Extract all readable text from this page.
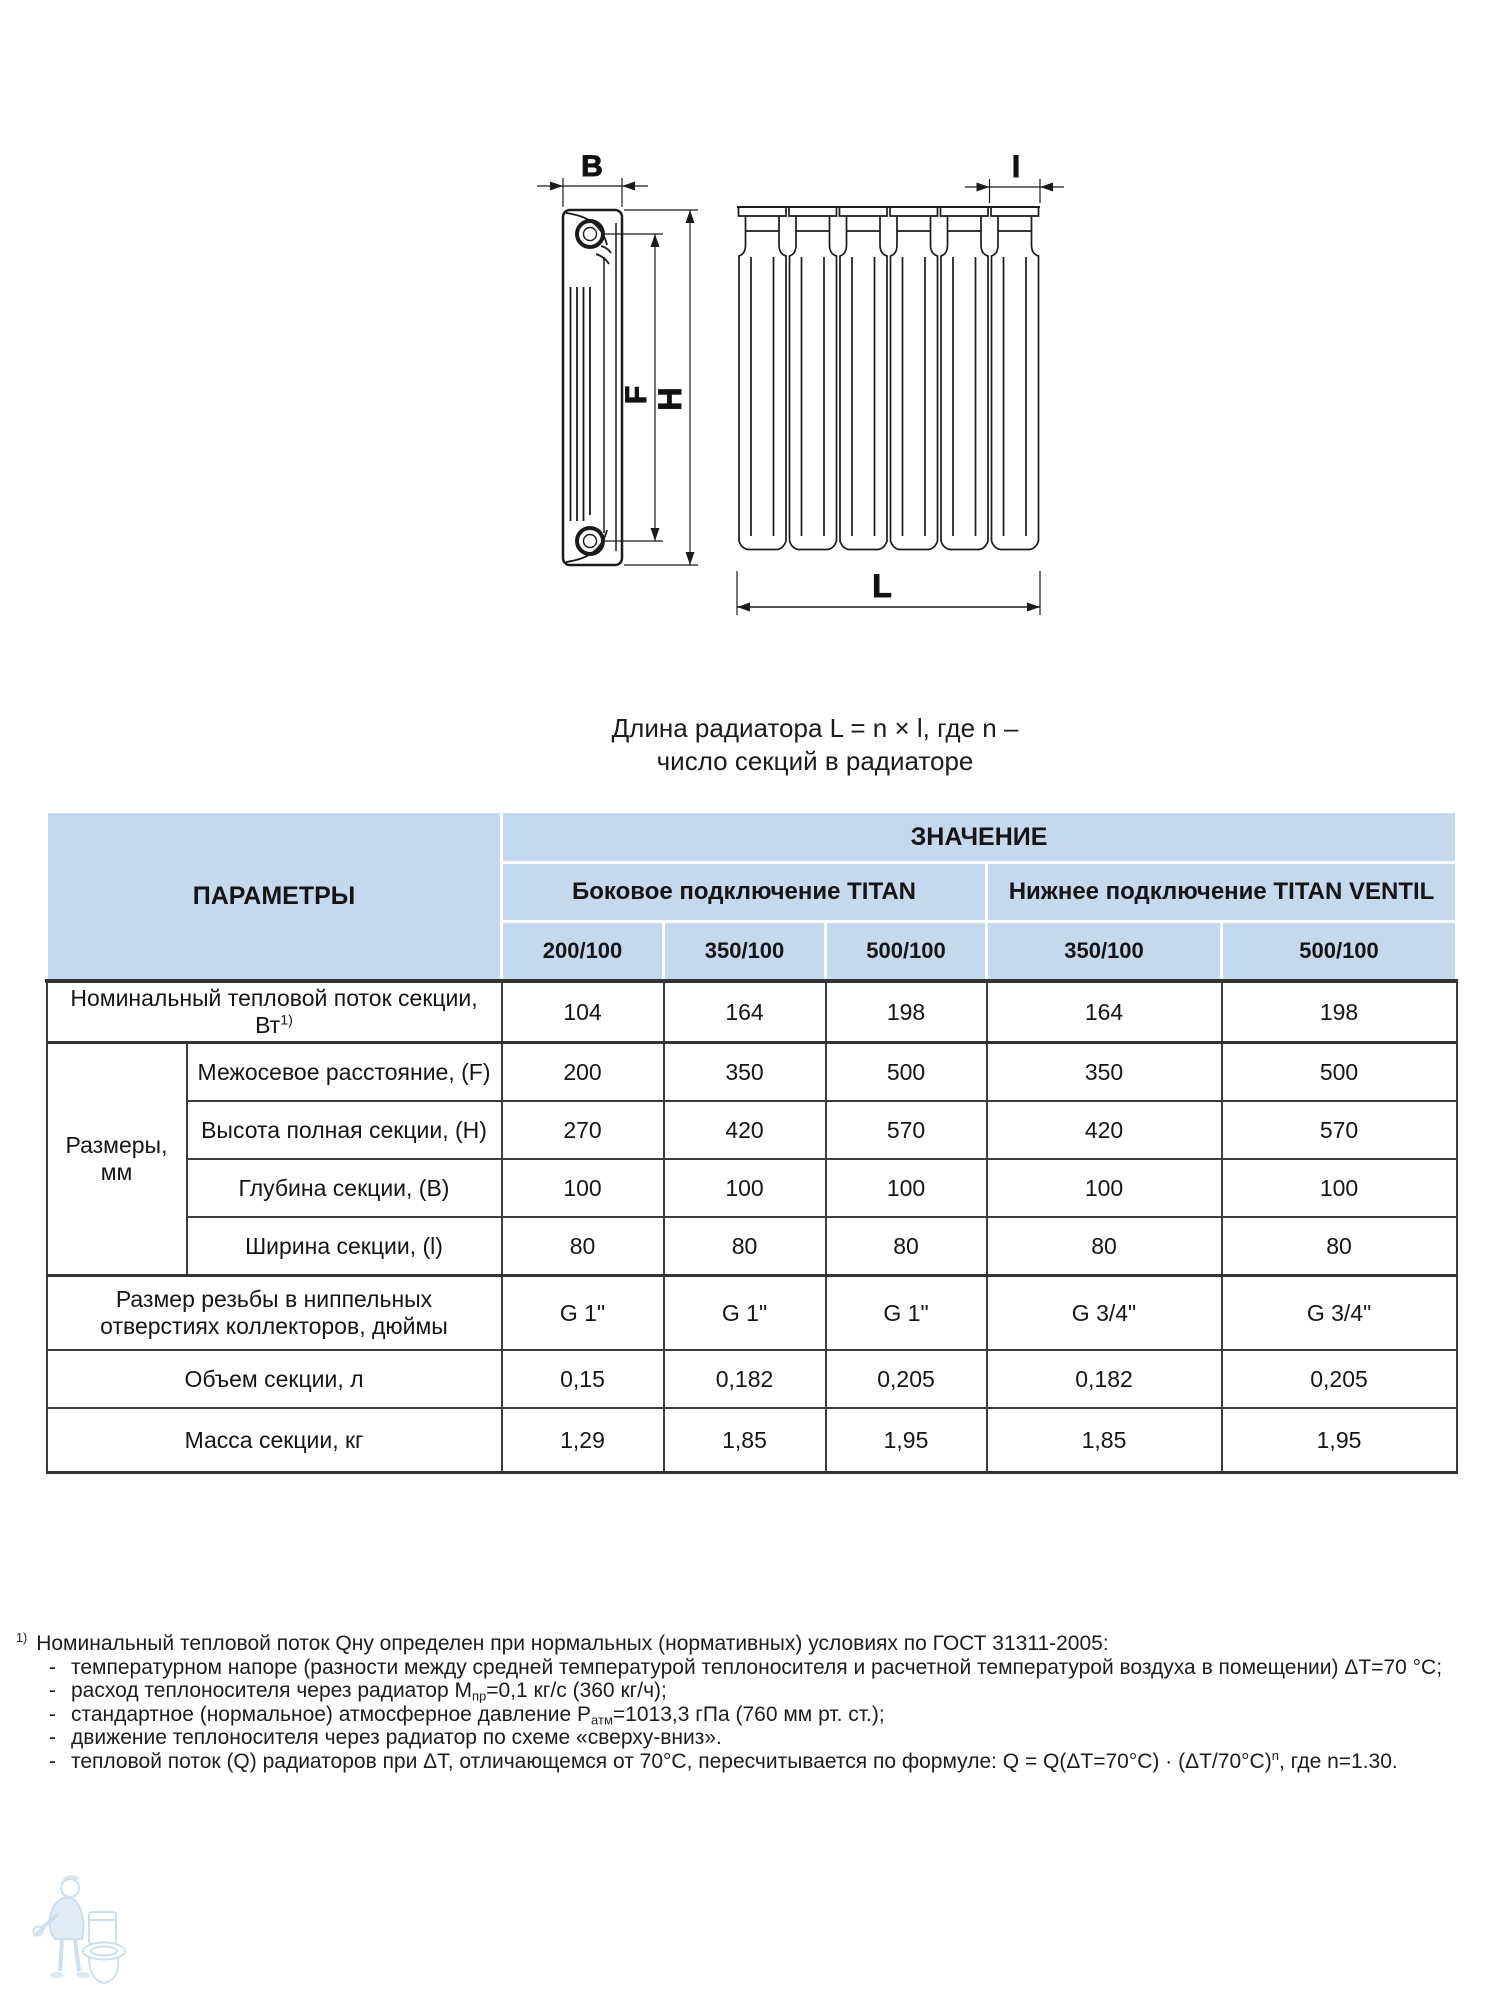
B
F H
l
L
Длина радиатора L = n × l, где n –
число секций в радиаторе
ПАРАМЕТРЫ		ЗНАЧЕНИЕ				
		Боковое подключение TITAN			Нижнее подключение TITAN VENTIL	
		200/100	350/100	500/100	350/100	500/100
Номинальный тепловой поток секции, $Вт^{1)}$		104	164	198	164	198
Размеры, мм	Межосевое расстояние, (F)	200	350	500	350	500
	Высота полная секции, (Н)	270	420	570	420	570
	Глубина секции, (В)	100	100	100	100	100
	Ширина секции, (l)	80	80	80	80	80
Размер резьбы в ниппельных отверстиях коллекторов, дюймы		G 1"	G 1"	G 1"	G 3/4"	G 3/4"
Объем секции, л		0,15	0,182	0,205	0,182	0,205
Масса секции, кг		1,29	1,85	1,95	1,85	1,95
$^{1)}$ Номинальный тепловой поток Qну определен при нормальных (нормативных) условиях по ГОСТ 31311-2005:
- температурном напоре (разности между средней температурой теплоносителя и расчетной температурой воздуха в помещении) ΔT=70 °С;
- расход теплоносителя через радиатор $М_{пр}=0,1$ кг/с (360 кг/ч);
- стандартное (нормальное) атмосферное давление $Р_{атм}=1013,3$ гПа (760 мм рт. ст.);
- движение теплоносителя через радиатор по схеме «сверху-вниз».
- тепловой поток (Q) радиаторов при ΔТ, отличающемся от 70°С, пересчитывается по формуле: Q = Q(ΔT=70°C) · (ΔТ/70°C)$^n$, где n=1.30.
